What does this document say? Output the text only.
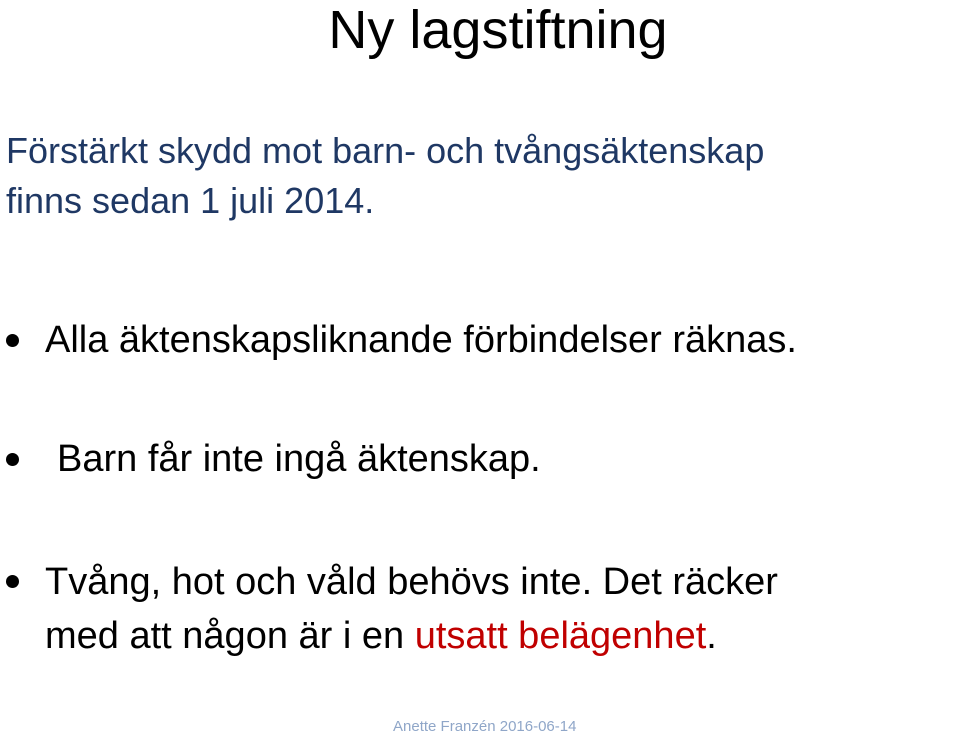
Ny lagstiftning
Förstärkt skydd mot barn- och tvångsäktenskap
finns sedan 1 juli 2014.
Alla äktenskapsliknande förbindelser räknas.
Barn får inte ingå äktenskap.
Tvång, hot och våld behövs inte. Det räcker
med att någon är i en utsatt belägenhet.
Anette Franzén 2016-06-14
